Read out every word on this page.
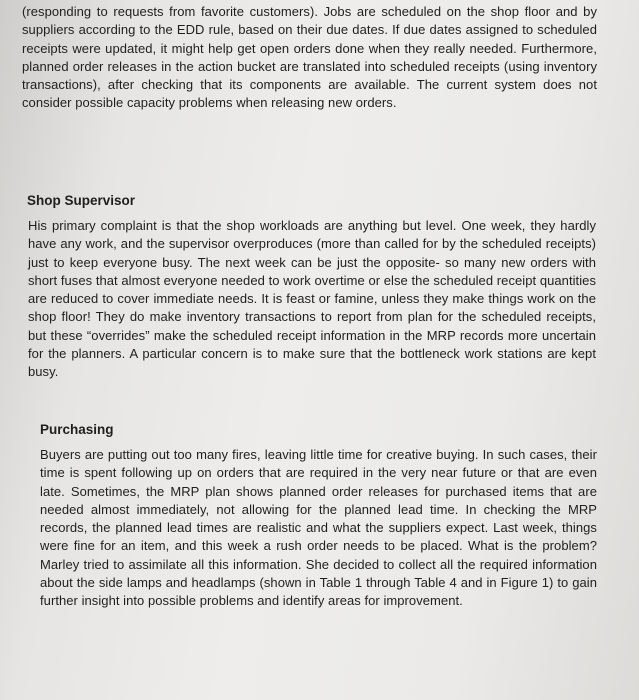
(responding to requests from favorite customers). Jobs are scheduled on the shop floor and by suppliers according to the EDD rule, based on their due dates. If due dates assigned to scheduled receipts were updated, it might help get open orders done when they really needed. Furthermore, planned order releases in the action bucket are translated into scheduled receipts (using inventory transactions), after checking that its components are available. The current system does not consider possible capacity problems when releasing new orders.

Shop Supervisor

His primary complaint is that the shop workloads are anything but level. One week, they hardly have any work, and the supervisor overproduces (more than called for by the scheduled receipts) just to keep everyone busy. The next week can be just the opposite- so many new orders with short fuses that almost everyone needed to work overtime or else the scheduled receipt quantities are reduced to cover immediate needs. It is feast or famine, unless they make things work on the shop floor! They do make inventory transactions to report from plan for the scheduled receipts, but these “overrides” make the scheduled receipt information in the MRP records more uncertain for the planners. A particular concern is to make sure that the bottleneck work stations are kept busy.

Purchasing

Buyers are putting out too many fires, leaving little time for creative buying. In such cases, their time is spent following up on orders that are required in the very near future or that are even late. Sometimes, the MRP plan shows planned order releases for purchased items that are needed almost immediately, not allowing for the planned lead time. In checking the MRP records, the planned lead times are realistic and what the suppliers expect. Last week, things were fine for an item, and this week a rush order needs to be placed. What is the problem? Marley tried to assimilate all this information. She decided to collect all the required information about the side lamps and headlamps (shown in Table 1 through Table 4 and in Figure 1) to gain further insight into possible problems and identify areas for improvement.
